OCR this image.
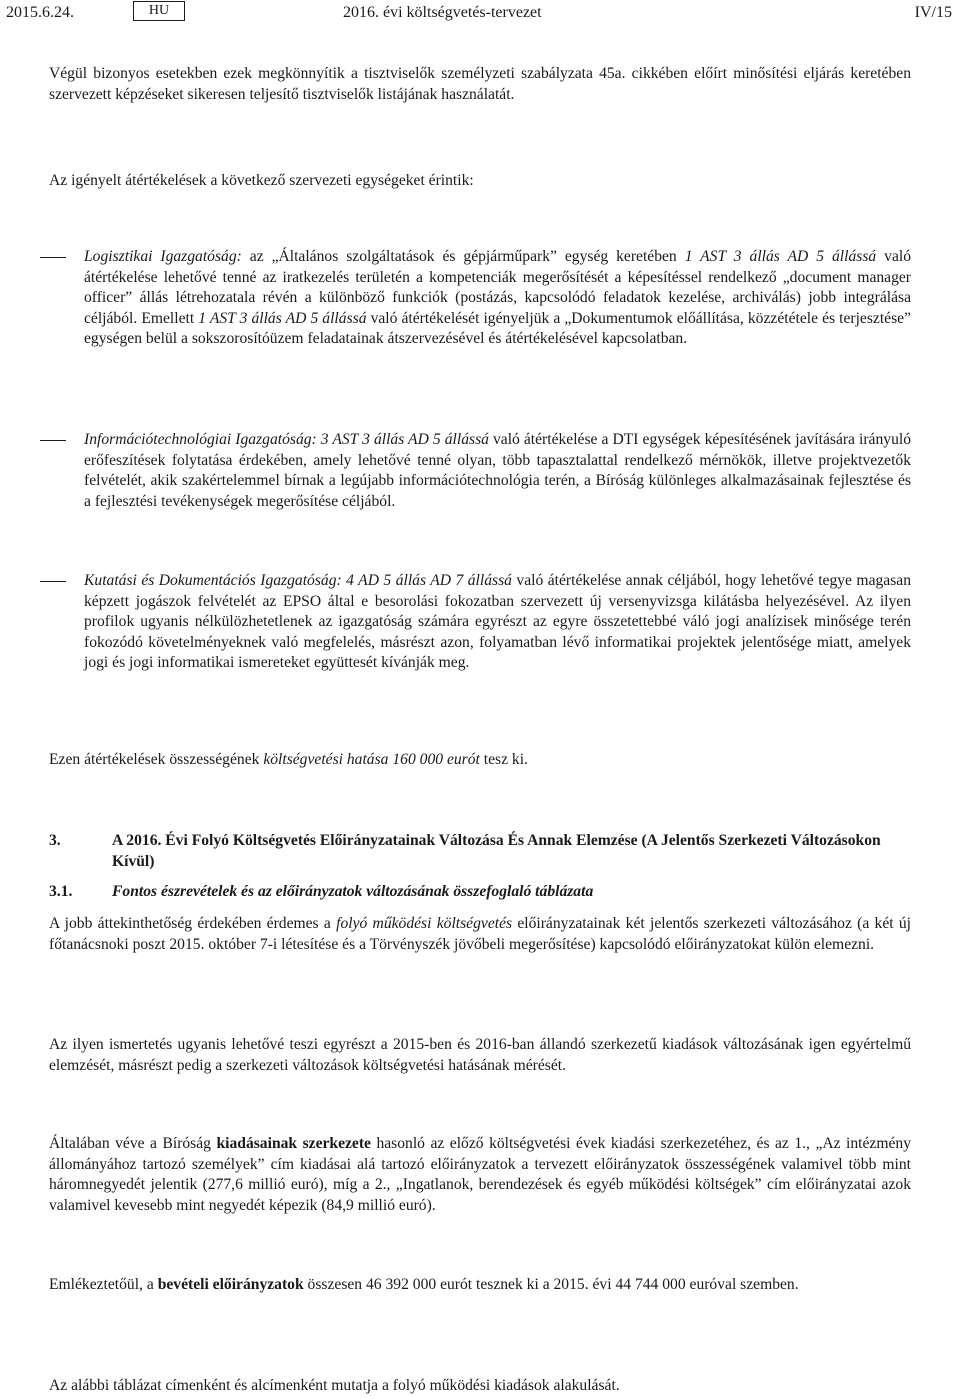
2015.6.24.	HU	2016. évi költségvetés-tervezet	IV/15

Végül bizonyos esetekben ezek megkönnyítik a tisztviselők személyzeti szabályzata 45a. cikkében előírt minősítési eljárás keretében szervezett képzéseket sikeresen teljesítő tisztviselők listájának használatát.

Az igényelt átértékelések a következő szervezeti egységeket érintik:

Logisztikai Igazgatóság: az „Általános szolgáltatások és gépjárműpark” egység keretében 1 AST 3 állás AD 5 állássá való átértékelése lehetővé tenné az iratkezelés területén a kompetenciák megerősítését a képesítéssel rendelkező „document manager officer” állás létrehozatala révén a különböző funkciók (postázás, kapcsolódó feladatok kezelése, archiválás) jobb integrálása céljából. Emellett 1 AST 3 állás AD 5 állássá való átértékelését igényeljük a „Dokumentumok előállítása, közzététele és terjesztése” egységen belül a sokszorosítóüzem feladatainak átszervezésével és átértékelésével kapcsolatban.

Információtechnológiai Igazgatóság: 3 AST 3 állás AD 5 állássá való átértékelése a DTI egységek képesítésének javítására irányuló erőfeszítések folytatása érdekében, amely lehetővé tenné olyan, több tapasztalattal rendelkező mérnökök, illetve projektvezetők felvételét, akik szakértelemmel bírnak a legújabb információtechnológia terén, a Bíróság különleges alkalmazásainak fejlesztése és a fejlesztési tevékenységek megerősítése céljából.

Kutatási és Dokumentációs Igazgatóság: 4 AD 5 állás AD 7 állássá való átértékelése annak céljából, hogy lehetővé tegye magasan képzett jogászok felvételét az EPSO által e besorolási fokozatban szervezett új versenyvizsga kilátásba helyezésével. Az ilyen profilok ugyanis nélkülözhetetlenek az igazgatóság számára egyrészt az egyre összetettebbé váló jogi analízisek minősége terén fokozódó követelményeknek való megfelelés, másrészt azon, folyamatban lévő informatikai projektek jelentősége miatt, amelyek jogi és jogi informatikai ismereteket együttesét kívánják meg.

Ezen átértékelések összességének költségvetési hatása 160 000 eurót tesz ki.

3.	A 2016. Évi Folyó Költségvetés Előirányzatainak Változása És Annak Elemzése (A Jelentős Szerkezeti Változásokon Kívül)
3.1.	Fontos észrevételek és az előirányzatok változásának összefoglaló táblázata

A jobb áttekinthetőség érdekében érdemes a folyó működési költségvetés előirányzatainak két jelentős szerkezeti változásához (a két új főtanácsnoki poszt 2015. október 7-i létesítése és a Törvényszék jövőbeli megerősítése) kapcsolódó előirányzatokat külön elemezni.

Az ilyen ismertetés ugyanis lehetővé teszi egyrészt a 2015-ben és 2016-ban állandó szerkezetű kiadások változásának igen egyértelmű elemzését, másrészt pedig a szerkezeti változások költségvetési hatásának mérését.

Általában véve a Bíróság kiadásainak szerkezete hasonló az előző költségvetési évek kiadási szerkezetéhez, és az 1., „Az intézmény állományához tartozó személyek” cím kiadásai alá tartozó előirányzatok a tervezett előirányzatok összességének valamivel több mint háromnegyedét jelentik (277,6 millió euró), míg a 2., „Ingatlanok, berendezések és egyéb működési költségek” cím előirányzatai azok valamivel kevesebb mint negyedét képezik (84,9 millió euró).

Emlékeztetőül, a bevételi előirányzatok összesen 46 392 000 eurót tesznek ki a 2015. évi 44 744 000 euróval szemben.

Az alábbi táblázat címenként és alcímenként mutatja a folyó működési kiadások alakulását.
